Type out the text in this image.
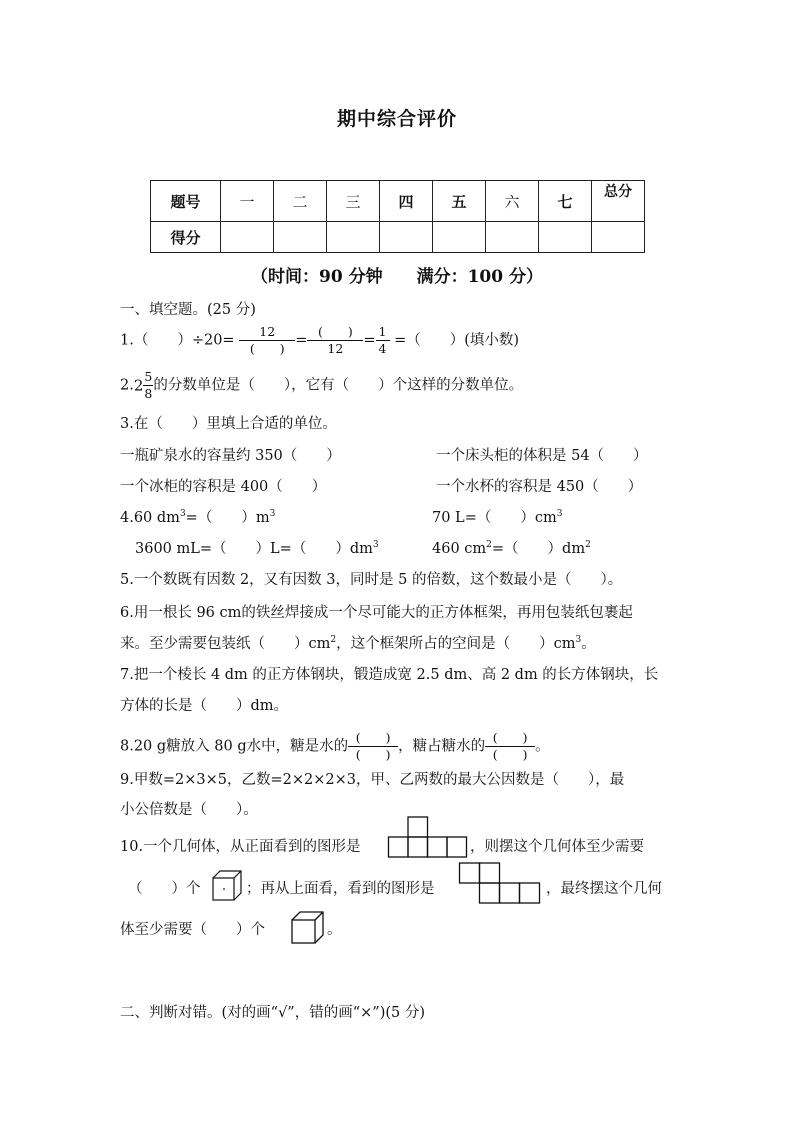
期中综合评价
题号	一	二	三	四	五	六	七	总分
得分								
（时间：90 分钟 满分：100 分）
一、填空题。(25 分)
1.（　　）$\div 20= \frac{12}{( )} = \frac{( )}{12} = \frac{1}{4}$ =（　　）(填小数)
$2.2 \frac{5}{8}$ 的分数单位是（　　），它有（　　）个这样的分数单位。
3.在（　　）里填上合适的单位。
一瓶矿泉水的容量约 350（　　）	一个床头柜的体积是 54（　　）
一个冰柜的容积是 400（　　）	一个水杯的容积是 450（　　）
4.60 $dm^3=$（　　）$m^3$	70 L=（　　）$cm^3$
3600 mL=（　　）L=（　　）$dm^3$	460 $cm^2=$（　　）$dm^2$
5.一个数既有因数 2，又有因数 3，同时是 5 的倍数，这个数最小是（　　）。
6.用一根长 96 cm的铁丝焊接成一个尽可能大的正方体框架，再用包装纸包裹起
来。至少需要包装纸（　　）$cm^2$，这个框架所占的空间是（　　）$cm^3$。
7.把一个棱长 4 dm 的正方体钢块，锻造成宽 2.5 dm、高 2 dm 的长方体钢块，长
方体的长是（　　）dm。
8.20 g糖放入 80 g水中，糖是水的 $\frac{( )}{( )}$ ，糖占糖水的 $\frac{( )}{( )}$ 。
9.甲数=2×3×5，乙数=2×2×2×3，甲、乙两数的最大公因数是（　　），最
小公倍数是（　　）。
10.一个几何体，从正面看到的图形是	，则摆这个几何体至少需要
（　　）个	；再从上面看，看到的图形是	，最终摆这个几何
体至少需要（　　）个	。
二、判断对错。(对的画“√”，错的画“×”)(5 分)
